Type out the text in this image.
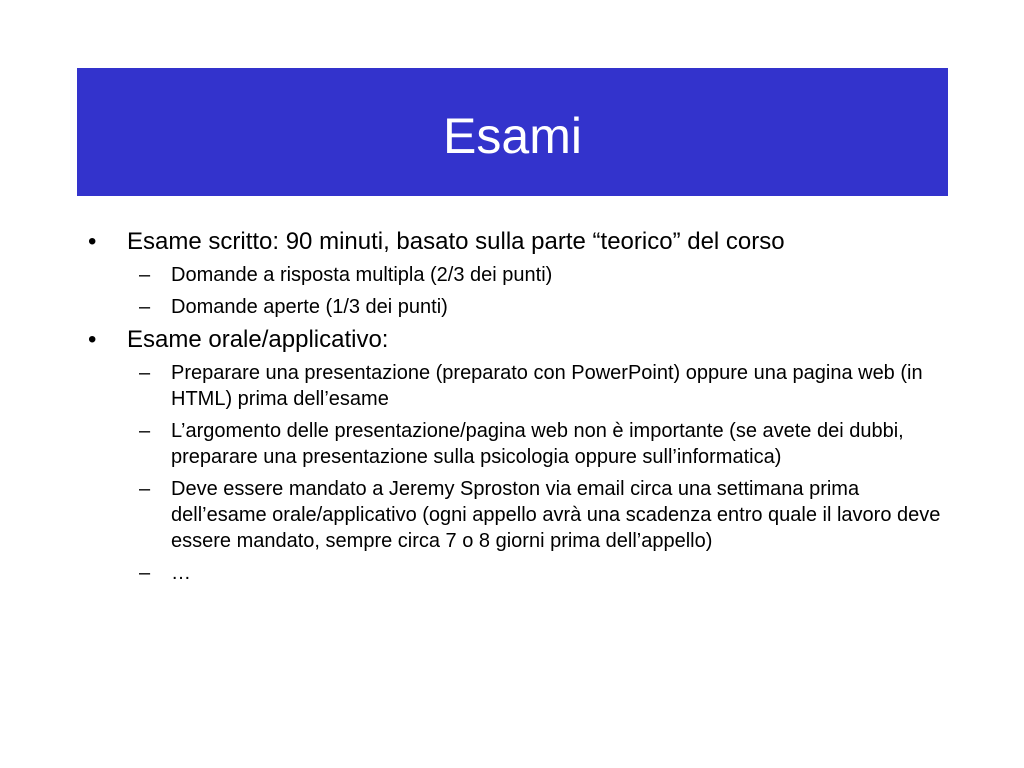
Esami
•	Esame scritto: 90 minuti, basato sulla parte “teorico” del corso
– Domande a risposta multipla (2/3 dei punti)
– Domande aperte (1/3 dei punti)
•	Esame orale/applicativo:
– Preparare una presentazione (preparato con PowerPoint) oppure una pagina web (in HTML) prima dell’esame
– L’argomento delle presentazione/pagina web non è importante (se avete dei dubbi, preparare una presentazione sulla psicologia oppure sull’informatica)
– Deve essere mandato a Jeremy Sproston via email circa una settimana prima dell’esame orale/applicativo (ogni appello avrà una scadenza entro quale il lavoro deve essere mandato, sempre circa 7 o 8 giorni prima dell’appello)
– …
